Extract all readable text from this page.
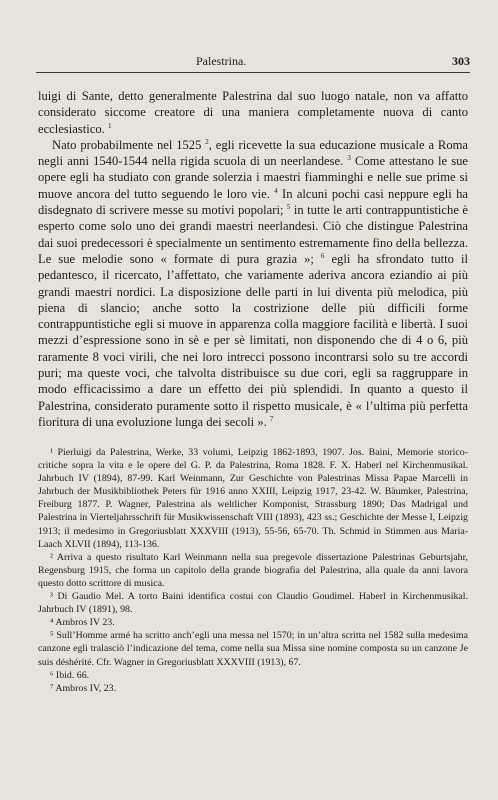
Palestrina.	303

luigi di Sante, detto generalmente Palestrina dal suo luogo natale, non va affatto considerato siccome creatore di una maniera completamente nuova di canto ecclesiastico. $^1$

Nato probabilmente nel 1525 $^2$, egli ricevette la sua educazione musicale a Roma negli anni 1540-1544 nella rigida scuola di un neerlandese. $^3$ Come attestano le sue opere egli ha studiato con grande solerzia i maestri fiamminghi e nelle sue prime si muove ancora del tutto seguendo le loro vie. $^4$ In alcuni pochi casi neppure egli ha disdegnato di scrivere messe su motivi popolari; $^5$ in tutte le arti contrappuntistiche è esperto come solo uno dei grandi maestri neerlandesi. Ciò che distingue Palestrina dai suoi predecessori è specialmente un sentimento estremamente fino della bellezza. Le sue melodie sono « formate di pura grazia »; $^6$ egli ha sfrondato tutto il pedantesco, il ricercato, l’affettato, che variamente aderiva ancora eziandio ai più grandi maestri nordici. La disposizione delle parti in lui diventa più melodica, più piena di slancio; anche sotto la costrizione delle più difficili forme contrappuntistiche egli si muove in apparenza colla maggiore facilità e libertà. I suoi mezzi d’espressione sono in sè e per sè limitati, non disponendo che di 4 o 6, più raramente 8 voci virili, che nei loro intrecci possono incontrarsi solo su tre accordi puri; ma queste voci, che talvolta distribuisce su due cori, egli sa raggruppare in modo efficacissimo a dare un effetto dei più splendidi. In quanto a questo il Palestrina, considerato puramente sotto il rispetto musicale, è « l’ultima più perfetta fioritura di una evoluzione lunga dei secoli ». $^7$

¹ Pierluigi da Palestrina, Werke, 33 volumi, Leipzig 1862-1893, 1907. Jos. Baini, Memorie storico-critiche sopra la vita e le opere del G. P. da Palestrina, Roma 1828. F. X. Haberl nel Kirchenmusikal. Jahrbuch IV (1894), 87-99. Karl Weinmann, Zur Geschichte von Palestrinas Missa Papae Marcelli in Jahrbuch der Musikbibliothek Peters für 1916 anno XXIII, Leipzig 1917, 23-42. W. Bäumker, Palestrina, Freiburg 1877. P. Wagner, Palestrina als weltlicher Komponist, Strassburg 1890; Das Madrigal und Palestrina in Vierteljahrsschrift für Musikwissenschaft VIII (1893), 423 ss.; Geschichte der Messe I, Leipzig 1913; il medesimo in Gregoriusblatt XXXVIII (1913), 55-56, 65-70. Th. Schmid in Stimmen aus Maria-Laach XLVII (1894), 113-136.

² Arriva a questo risultato Karl Weinmann nella sua pregevole dissertazione Palestrinas Geburtsjahr, Regensburg 1915, che forma un capitolo della grande biografia del Palestrina, alla quale da anni lavora questo dotto scrittore di musica.

³ Di Gaudio Mel. A torto Baini identifica costui con Claudio Goudimel. Haberl in Kirchenmusikal. Jahrbuch IV (1891), 98.

⁴ Ambros IV 23.

⁵ Sull’Homme armé ha scritto anch’egli una messa nel 1570; in un’altra scritta nel 1582 sulla medesima canzone egli tralasciò l’indicazione del tema, come nella sua Missa sine nomine composta su un canzone Je suis déshérité. Cfr. Wagner in Gregoriusblatt XXXVIII (1913), 67.

⁶ Ibid. 66.

⁷ Ambros IV, 23.
